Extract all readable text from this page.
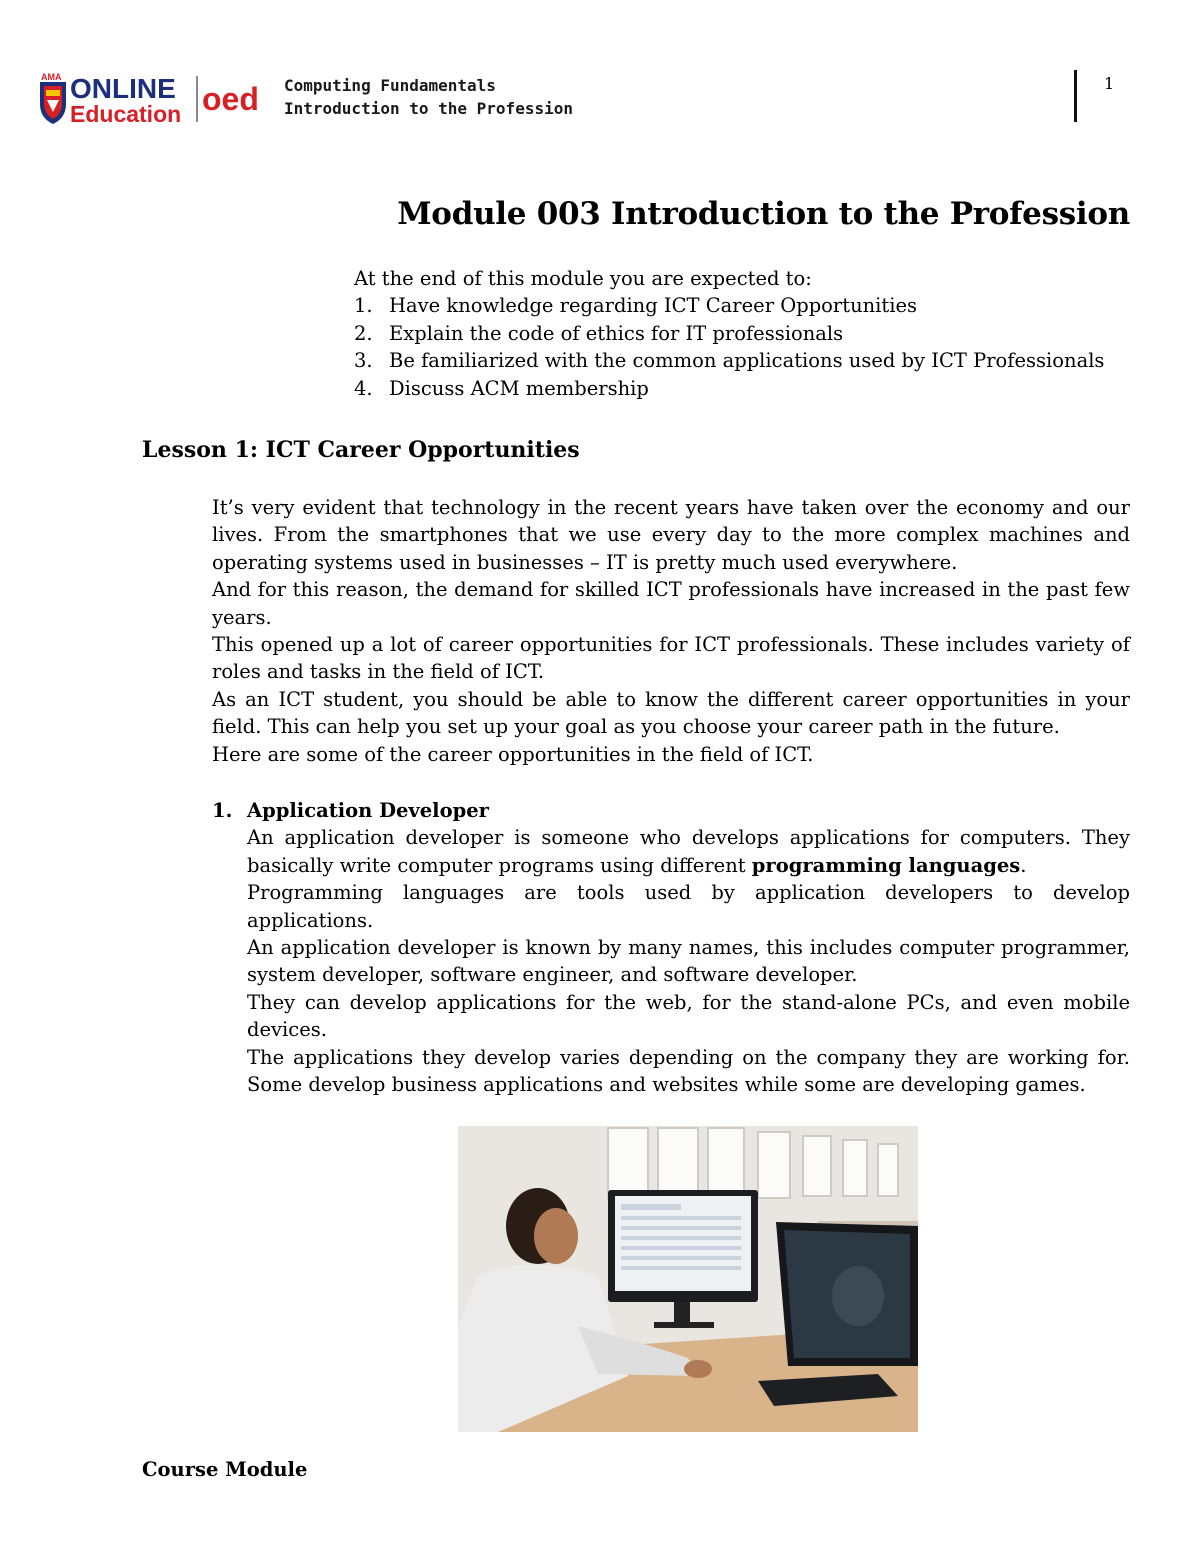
AMA ONLINE
Education oed Computing Fundamentals
Introduction to the Profession
1
Module 003 Introduction to the Profession

At the end of this module you are expected to:

1. Have knowledge regarding ICT Career Opportunities
2. Explain the code of ethics for IT professionals
3. Be familiarized with the common applications used by ICT Professionals
4. Discuss ACM membership
Lesson 1: ICT Career Opportunities

It’s very evident that technology in the recent years have taken over the economy and our lives. From the smartphones that we use every day to the more complex machines and operating systems used in businesses – IT is pretty much used everywhere.

And for this reason, the demand for skilled ICT professionals have increased in the past few years.

This opened up a lot of career opportunities for ICT professionals. These includes variety of roles and tasks in the field of ICT.

As an ICT student, you should be able to know the different career opportunities in your field. This can help you set up your goal as you choose your career path in the future.

Here are some of the career opportunities in the field of ICT.

1. Application Developer

An application developer is someone who develops applications for computers. They basically write computer programs using different programming languages.

Programming languages are tools used by application developers to develop applications.

An application developer is known by many names, this includes computer programmer, system developer, software engineer, and software developer.

They can develop applications for the web, for the stand-alone PCs, and even mobile devices.

The applications they develop varies depending on the company they are working for. Some develop business applications and websites while some are developing games.

Course Module
